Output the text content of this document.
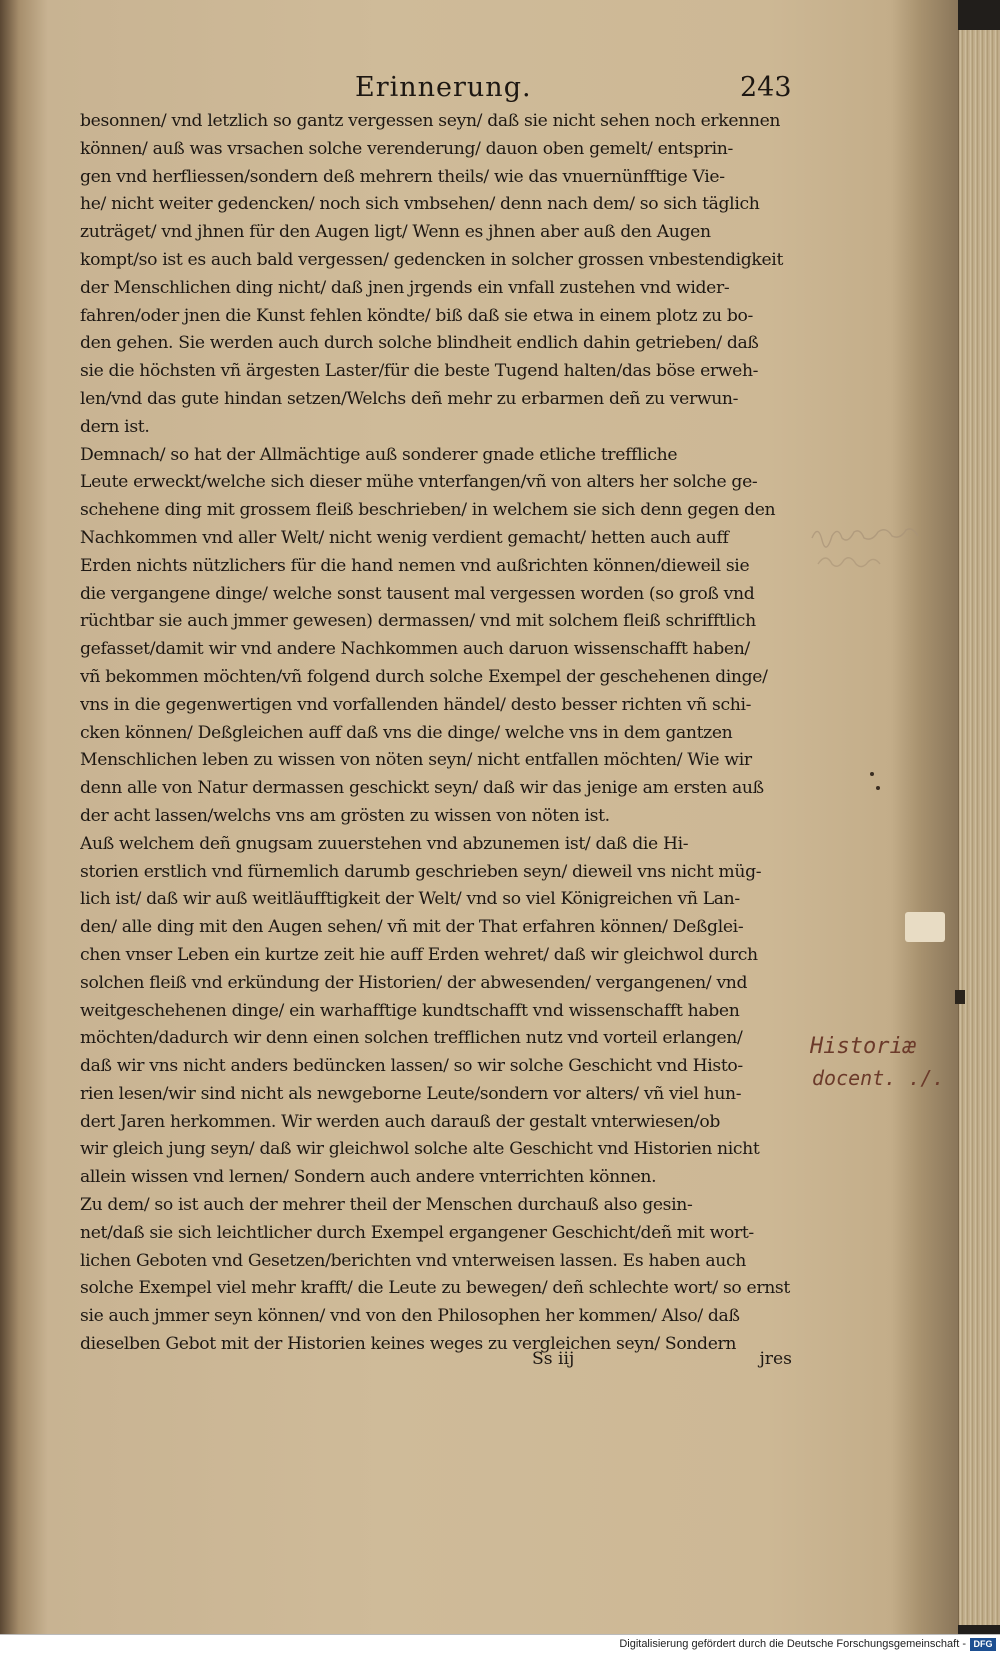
Erinnerung.	243
besonnen/ vnd letzlich so gantz vergessen seyn/ daß sie nicht sehen noch erkennen
können/ auß was vrsachen solche verenderung/ dauon oben gemelt/ entsprin-
gen vnd herfliessen/sondern deß mehrern theils/ wie das vnuernünfftige Vie-
he/ nicht weiter gedencken/ noch sich vmbsehen/ denn nach dem/ so sich täglich
zuträget/ vnd jhnen für den Augen ligt/ Wenn es jhnen aber auß den Augen
kompt/so ist es auch bald vergessen/ gedencken in solcher grossen vnbestendigkeit
der Menschlichen ding nicht/ daß jnen jrgends ein vnfall zustehen vnd wider-
fahren/oder jnen die Kunst fehlen köndte/ biß daß sie etwa in einem plotz zu bo-
den gehen. Sie werden auch durch solche blindheit endlich dahin getrieben/ daß
sie die höchsten vñ ärgesten Laster/für die beste Tugend halten/das böse erweh-
len/vnd das gute hindan setzen/Welchs deñ mehr zu erbarmen deñ zu verwun-
dern ist.
Demnach/ so hat der Allmächtige auß sonderer gnade etliche treffliche
Leute erweckt/welche sich dieser mühe vnterfangen/vñ von alters her solche ge-
schehene ding mit grossem fleiß beschrieben/ in welchem sie sich denn gegen den
Nachkommen vnd aller Welt/ nicht wenig verdient gemacht/ hetten auch auff
Erden nichts nützlichers für die hand nemen vnd außrichten können/dieweil sie
die vergangene dinge/ welche sonst tausent mal vergessen worden (so groß vnd
rüchtbar sie auch jmmer gewesen) dermassen/ vnd mit solchem fleiß schrifftlich
gefasset/damit wir vnd andere Nachkommen auch daruon wissenschafft haben/
vñ bekommen möchten/vñ folgend durch solche Exempel der geschehenen dinge/
vns in die gegenwertigen vnd vorfallenden händel/ desto besser richten vñ schi-
cken können/ Deßgleichen auff daß vns die dinge/ welche vns in dem gantzen
Menschlichen leben zu wissen von nöten seyn/ nicht entfallen möchten/ Wie wir
denn alle von Natur dermassen geschickt seyn/ daß wir das jenige am ersten auß
der acht lassen/welchs vns am grösten zu wissen von nöten ist.
Auß welchem deñ gnugsam zuuerstehen vnd abzunemen ist/ daß die Hi-
storien erstlich vnd fürnemlich darumb geschrieben seyn/ dieweil vns nicht müg-
lich ist/ daß wir auß weitläufftigkeit der Welt/ vnd so viel Königreichen vñ Lan-
den/ alle ding mit den Augen sehen/ vñ mit der That erfahren können/ Deßglei-
chen vnser Leben ein kurtze zeit hie auff Erden wehret/ daß wir gleichwol durch
solchen fleiß vnd erkündung der Historien/ der abwesenden/ vergangenen/ vnd
weitgeschehenen dinge/ ein warhafftige kundtschafft vnd wissenschafft haben
möchten/dadurch wir denn einen solchen trefflichen nutz vnd vorteil erlangen/
daß wir vns nicht anders bedüncken lassen/ so wir solche Geschicht vnd Histo-
rien lesen/wir sind nicht als newgeborne Leute/sondern vor alters/ vñ viel hun-
dert Jaren herkommen. Wir werden auch darauß der gestalt vnterwiesen/ob
wir gleich jung seyn/ daß wir gleichwol solche alte Geschicht vnd Historien nicht
allein wissen vnd lernen/ Sondern auch andere vnterrichten können.
Zu dem/ so ist auch der mehrer theil der Menschen durchauß also gesin-
net/daß sie sich leichtlicher durch Exempel ergangener Geschicht/deñ mit wort-
lichen Geboten vnd Gesetzen/berichten vnd vnterweisen lassen. Es haben auch
solche Exempel viel mehr krafft/ die Leute zu bewegen/ deñ schlechte wort/ so ernst
sie auch jmmer seyn können/ vnd von den Philosophen her kommen/ Also/ daß
dieselben Gebot mit der Historien keines weges zu vergleichen seyn/ Sondern
Ss iij	jres
Historiæ
docent. ./.
Digitalisierung gefördert durch die Deutsche Forschungsgemeinschaft - DFG
